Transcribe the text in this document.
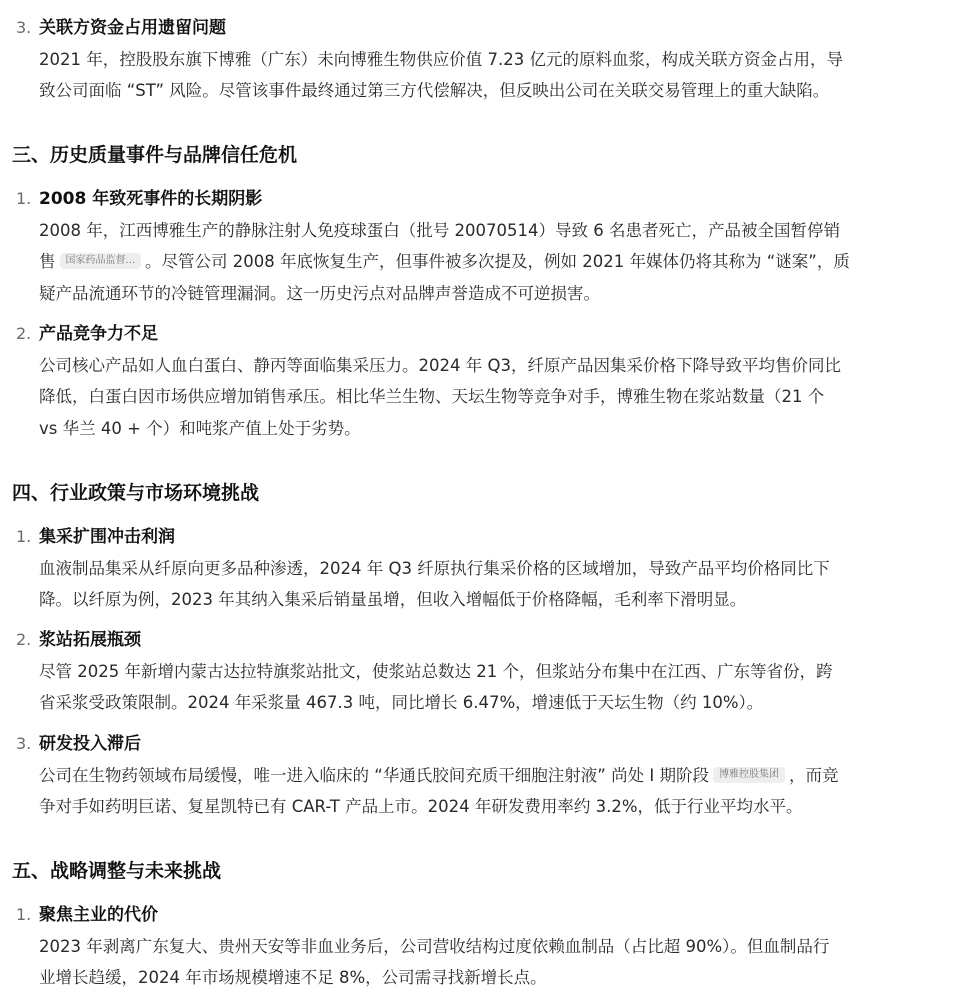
3. 关联方资金占用遗留问题
2021 年，控股股东旗下博雅（广东）未向博雅生物供应价值 7.23 亿元的原料血浆，构成关联方资金占用，导
致公司面临 “ST” 风险。尽管该事件最终通过第三方代偿解决，但反映出公司在关联交易管理上的重大缺陷。
三、历史质量事件与品牌信任危机
1. 2008 年致死事件的长期阴影
2008 年，江西博雅生产的静脉注射人免疫球蛋白（批号 20070514）导致 6 名患者死亡，产品被全国暂停销
售 国家药品监督... 。尽管公司 2008 年底恢复生产，但事件被多次提及，例如 2021 年媒体仍将其称为 “谜案”，质
疑产品流通环节的冷链管理漏洞。这一历史污点对品牌声誉造成不可逆损害。
2. 产品竞争力不足
公司核心产品如人血白蛋白、静丙等面临集采压力。2024 年 Q3，纤原产品因集采价格下降导致平均售价同比
降低，白蛋白因市场供应增加销售承压。相比华兰生物、天坛生物等竞争对手，博雅生物在浆站数量（21 个
vs 华兰 40 + 个）和吨浆产值上处于劣势。
四、行业政策与市场环境挑战
1. 集采扩围冲击利润
血液制品集采从纤原向更多品种渗透，2024 年 Q3 纤原执行集采价格的区域增加，导致产品平均价格同比下
降。以纤原为例，2023 年其纳入集采后销量虽增，但收入增幅低于价格降幅，毛利率下滑明显。
2. 浆站拓展瓶颈
尽管 2025 年新增内蒙古达拉特旗浆站批文，使浆站总数达 21 个，但浆站分布集中在江西、广东等省份，跨
省采浆受政策限制。2024 年采浆量 467.3 吨，同比增长 6.47%，增速低于天坛生物（约 10%）。
3. 研发投入滞后
公司在生物药领域布局缓慢，唯一进入临床的 “华通氏胶间充质干细胞注射液” 尚处 I 期阶段 博雅控股集团 ，而竞
争对手如药明巨诺、复星凯特已有 CAR-T 产品上市。2024 年研发费用率约 3.2%，低于行业平均水平。
五、战略调整与未来挑战
1. 聚焦主业的代价
2023 年剥离广东复大、贵州天安等非血业务后，公司营收结构过度依赖血制品（占比超 90%）。但血制品行
业增长趋缓，2024 年市场规模增速不足 8%，公司需寻找新增长点。
